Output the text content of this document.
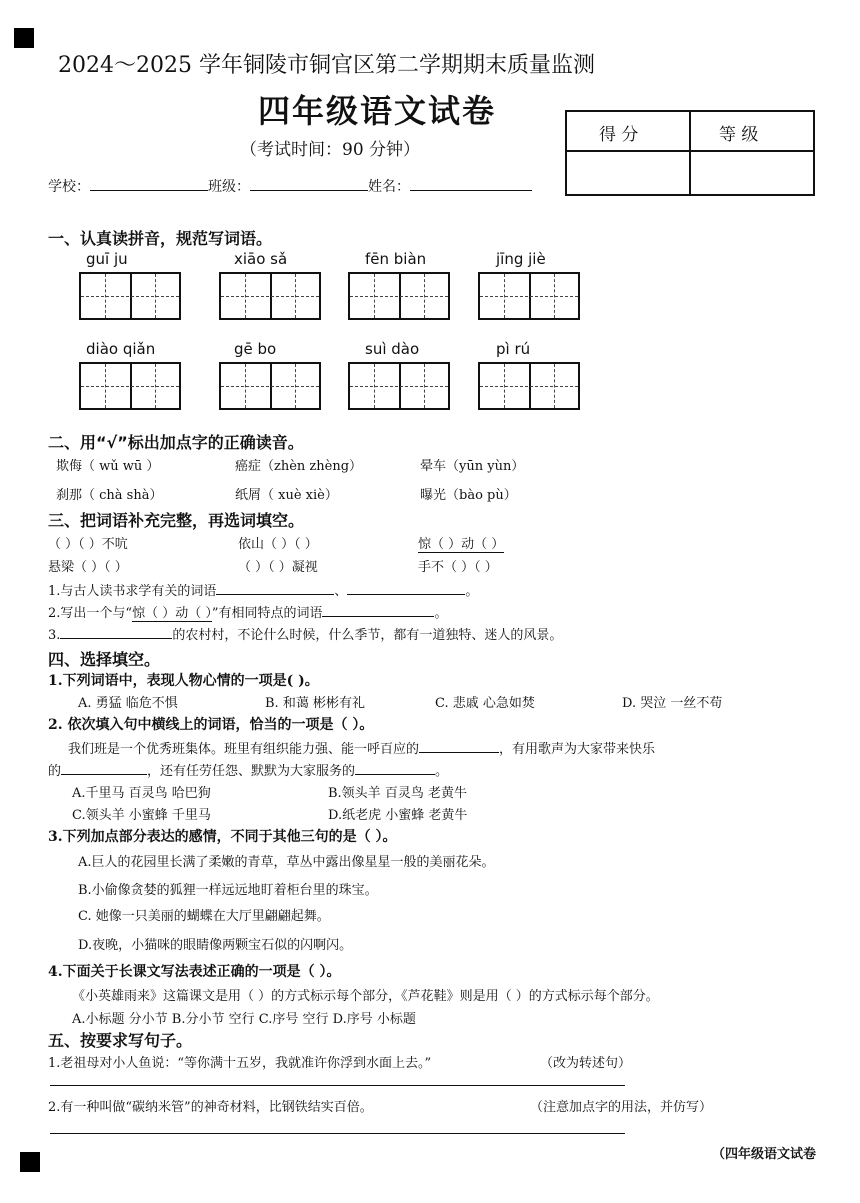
2024～2025 学年铜陵市铜官区第二学期期末质量监测
四年级语文试卷
（考试时间：90 分钟）
得 分	等 级
学校：	班级：	姓名：
一、认真读拼音，规范写词语。
guī ju	xiāo sǎ	fēn biàn	jīng jiè
diào qiǎn	gē bo	suì dào	pì rú
二、用“√”标出加点字的正确读音。
欺侮（ wǔ wū ）	癌症（zhèn zhèng）	晕车（yūn yùn）
刹那（ chà shà）	纸屑（ xuè xiè）	曝光（bào pù）
三、把词语补充完整，再选词填空。
（ ）（ ）不吭	依山（ ）（ ）	惊（ ）动（ ）
悬梁（ ）（ ）	（ ）（ ）凝视	手不（ ）（ ）
1.与古人读书求学有关的词语	、	。
2.写出一个与“惊（ ）动（ ）”有相同特点的词语	。
3.	的农村村，不论什么时候，什么季节，都有一道独特、迷人的风景。
四、选择填空。
1.下列词语中，表现人物心情的一项是( )。
A. 勇猛 临危不惧	B. 和蔼 彬彬有礼	C. 悲戚 心急如焚	D. 哭泣 一丝不苟
2. 依次填入句中横线上的词语，恰当的一项是（ ）。
我们班是一个优秀班集体。班里有组织能力强、能一呼百应的	，有用歌声为大家带来快乐
的	，还有任劳任怨、默默为大家服务的	。
A.千里马 百灵鸟 哈巴狗	B.领头羊 百灵鸟 老黄牛
C.领头羊 小蜜蜂 千里马	D.纸老虎 小蜜蜂 老黄牛
3.下列加点部分表达的感情，不同于其他三句的是（ ）。
A.巨人的花园里长满了柔嫩的青草，草丛中露出像星星一般的美丽花朵。
B.小偷像贪婪的狐狸一样远远地盯着柜台里的珠宝。
C. 她像一只美丽的蝴蝶在大厅里翩翩起舞。
D.夜晚，小猫咪的眼睛像两颗宝石似的闪啊闪。
4.下面关于长课文写法表述正确的一项是（ ）。
《小英雄雨来》这篇课文是用（ ）的方式标示每个部分，《芦花鞋》则是用（ ）的方式标示每个部分。
A.小标题 分小节 B.分小节 空行 C.序号 空行 D.序号 小标题
五、按要求写句子。
1.老祖母对小人鱼说：“等你满十五岁，我就准许你浮到水面上去。”	（改为转述句）
2.有一种叫做“碳纳米管”的神奇材料，比钢铁结实百倍。	（注意加点字的用法，并仿写）
（四年级语文试卷
